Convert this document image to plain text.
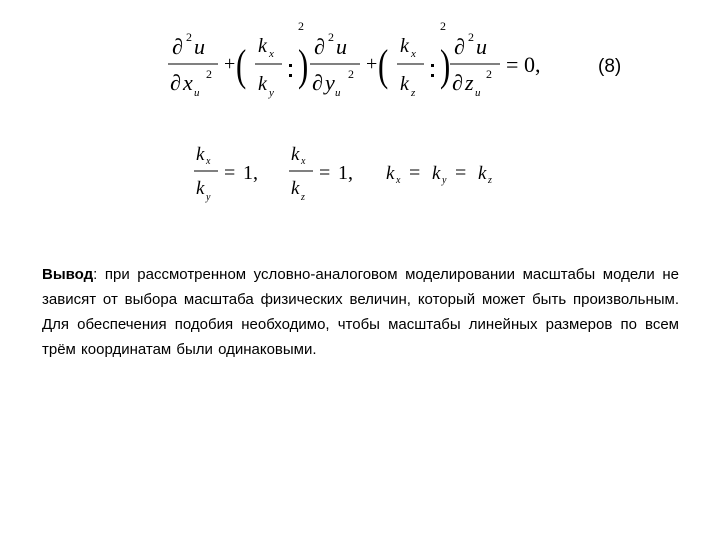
∂ 2 u
∂ x u
2 + ( k x
k y
)
2
∂ 2 u
∂ y u
2 + ( k x
k z
)
2
∂ 2 u
∂ z u
2 = 0,	(8)
k x
k y
= 1,
k x
k z
= 1, k x = k y = k z
Вывод: при рассмотренном условно-аналоговом моделировании масштабы модели не зависят от выбора масштаба физических величин, который может быть произвольным. Для обеспечения подобия необходимо, чтобы масштабы линейных размеров по всем трём координатам были одинаковыми.
